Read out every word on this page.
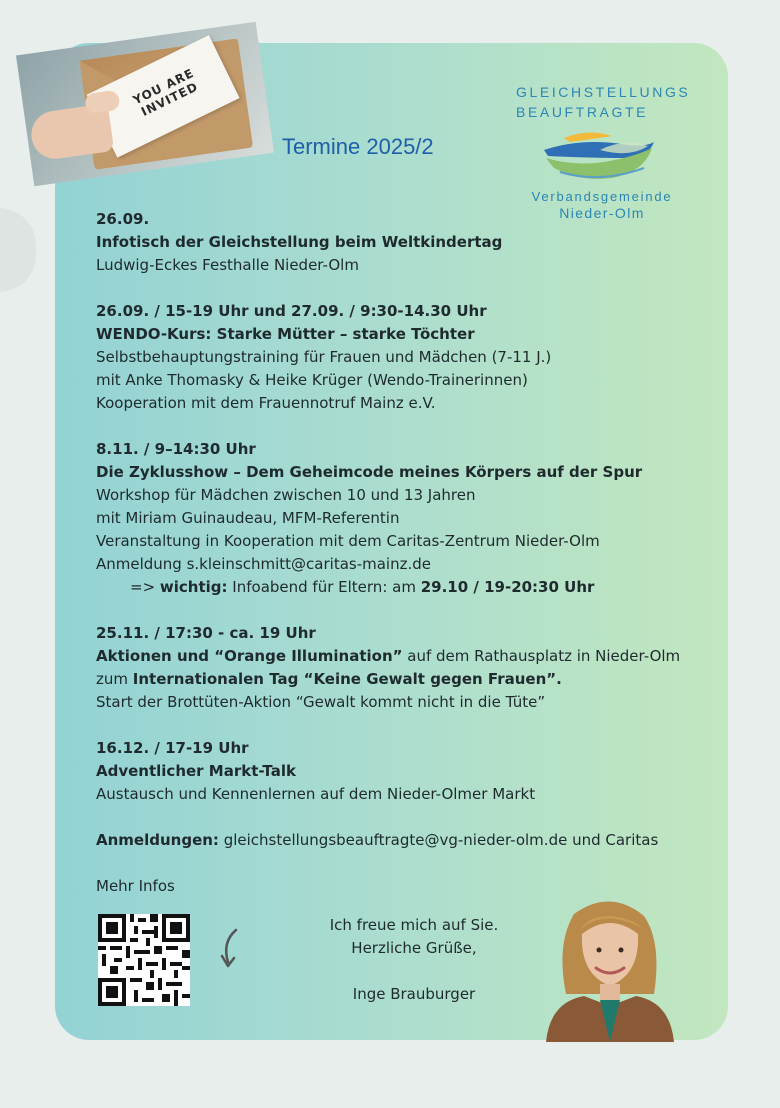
YOU ARE
INVITED
Termine 2025/2
GLEICHSTELLUNGS
BEAUFTRAGTE
Verbandsgemeinde
Nieder-Olm

26.09.

Infotisch der Gleichstellung beim Weltkindertag

Ludwig-Eckes Festhalle Nieder-Olm

26.09. / 15-19 Uhr und 27.09. / 9:30-14.30 Uhr

WENDO-Kurs: Starke Mütter – starke Töchter

Selbstbehauptungstraining für Frauen und Mädchen (7-11 J.)

mit Anke Thomasky & Heike Krüger (Wendo-Trainerinnen)

Kooperation mit dem Frauennotruf Mainz e.V.

8.11. / 9–14:30 Uhr

Die Zyklusshow – Dem Geheimcode meines Körpers auf der Spur

Workshop für Mädchen zwischen 10 und 13 Jahren

mit Miriam Guinaudeau, MFM-Referentin

Veranstaltung in Kooperation mit dem Caritas-Zentrum Nieder-Olm

Anmeldung s.kleinschmitt@caritas-mainz.de

=> wichtig: Infoabend für Eltern: am 29.10 / 19-20:30 Uhr

25.11. / 17:30 - ca. 19 Uhr

Aktionen und “Orange Illumination” auf dem Rathausplatz in Nieder-Olm

zum Internationalen Tag “Keine Gewalt gegen Frauen”.

Start der Brottüten-Aktion “Gewalt kommt nicht in die Tüte”

16.12. / 17-19 Uhr

Adventlicher Markt-Talk

Austausch und Kennenlernen auf dem Nieder-Olmer Markt

Anmeldungen: gleichstellungsbeauftragte@vg-nieder-olm.de und Caritas

Mehr Infos

Ich freue mich auf Sie.

Herzliche Grüße,

Inge Brauburger
